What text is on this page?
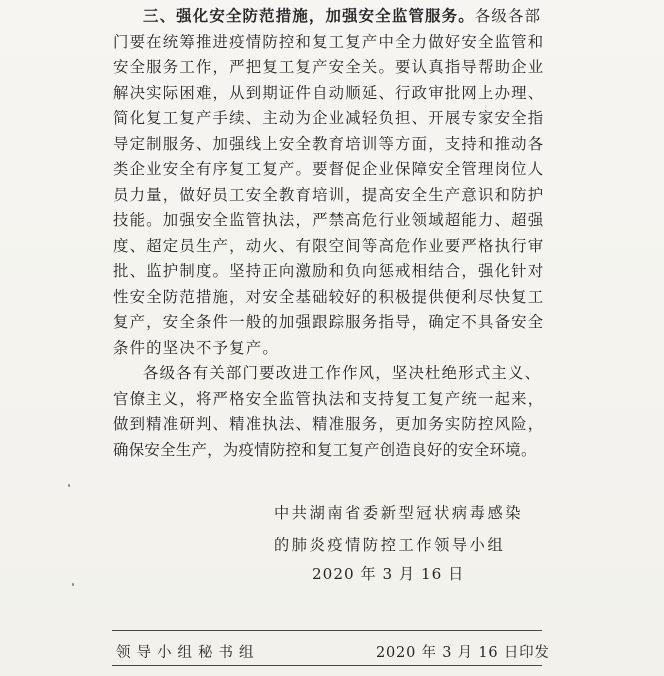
三、强化安全防范措施，加强安全监管服务。各级各部
门要在统筹推进疫情防控和复工复产中全力做好安全监管和
安全服务工作，严把复工复产安全关。要认真指导帮助企业
解决实际困难，从到期证件自动顺延、行政审批网上办理、
简化复工复产手续、主动为企业减轻负担、开展专家安全指
导定制服务、加强线上安全教育培训等方面，支持和推动各
类企业安全有序复工复产。要督促企业保障安全管理岗位人
员力量，做好员工安全教育培训，提高安全生产意识和防护
技能。加强安全监管执法，严禁高危行业领域超能力、超强
度、超定员生产，动火、有限空间等高危作业要严格执行审
批、监护制度。坚持正向激励和负向惩戒相结合，强化针对
性安全防范措施，对安全基础较好的积极提供便利尽快复工
复产，安全条件一般的加强跟踪服务指导，确定不具备安全
条件的坚决不予复产。
各级各有关部门要改进工作作风，坚决杜绝形式主义、
官僚主义，将严格安全监管执法和支持复工复产统一起来，
做到精准研判、精准执法、精准服务，更加务实防控风险，
确保安全生产，为疫情防控和复工复产创造良好的安全环境。
中共湖南省委新型冠状病毒感染
的肺炎疫情防控工作领导小组
2020 年 3 月 16 日
领导小组秘书组	2020 年 3 月 16 日印发
